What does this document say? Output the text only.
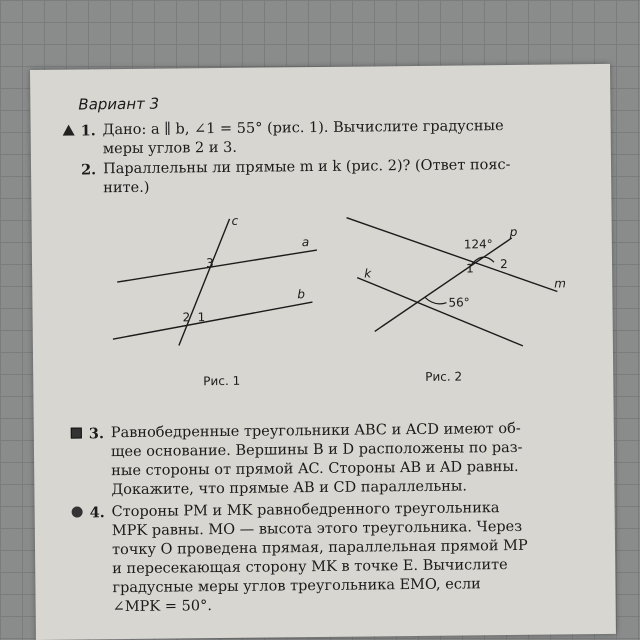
Вариант 3
1. Дано: a ∥ b, ∠1 = 55° (рис. 1). Вычислите градусные
меры углов 2 и 3.
2. Параллельны ли прямые m и k (рис. 2)? (Ответ пояс-
ните.)
c
a
b
3
2 1
Рис. 1
p
k
m
124°
56°
1 2
Рис. 2
3. Равнобедренные треугольники ABC и ACD имеют об-
щее основание. Вершины B и D расположены по раз-
ные стороны от прямой AC. Стороны AB и AD равны.
Докажите, что прямые AB и CD параллельны.
4. Стороны PM и MK равнобедренного треугольника
MPK равны. MO — высота этого треугольника. Через
точку O проведена прямая, параллельная прямой MP
и пересекающая сторону MK в точке E. Вычислите
градусные меры углов треугольника EMO, если
∠MPK = 50°.
